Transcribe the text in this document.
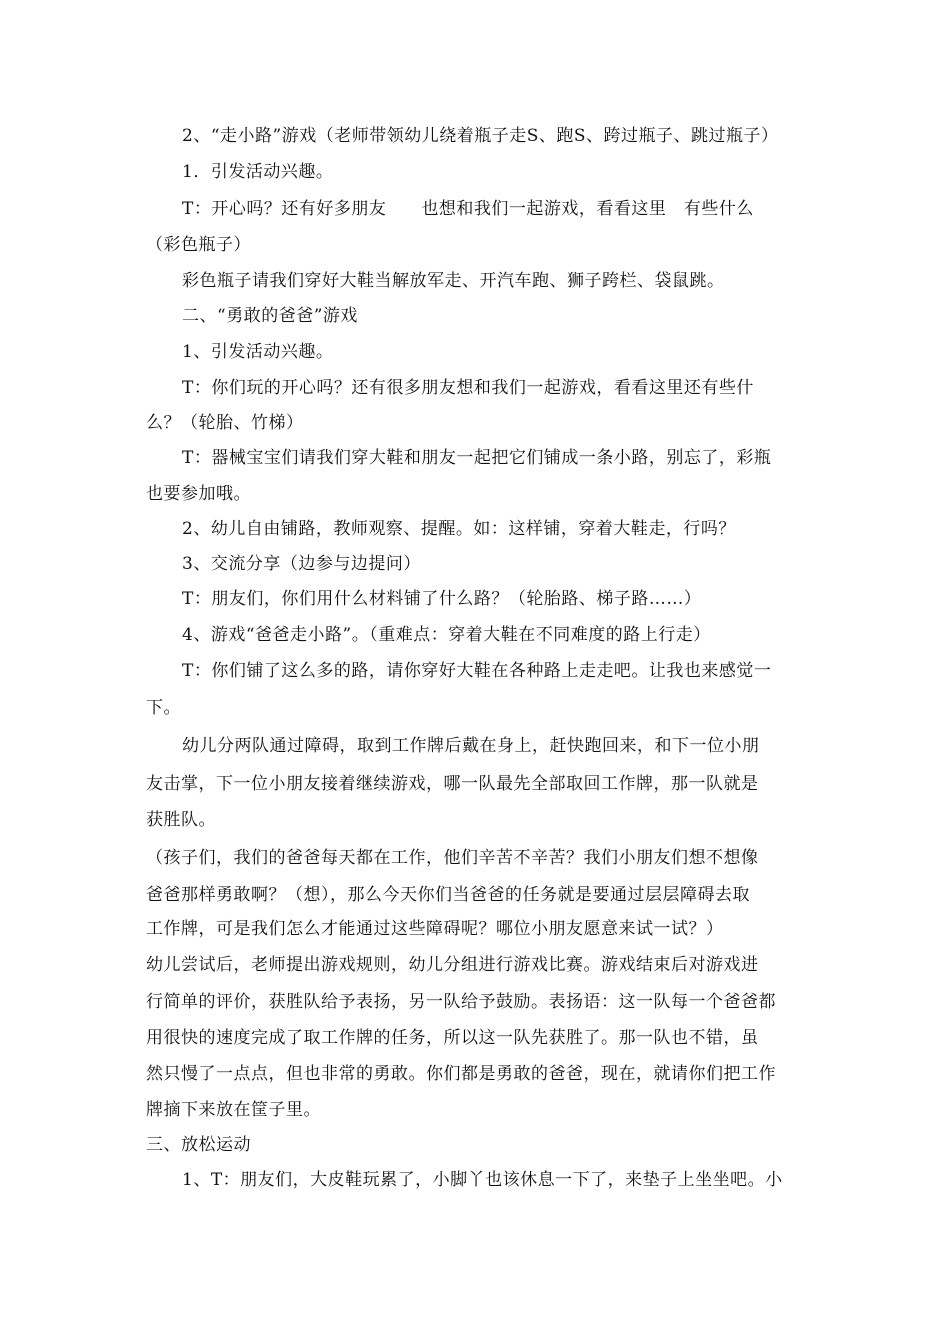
2、“走小路”游戏（老师带领幼儿绕着瓶子走S、跑S、跨过瓶子、跳过瓶子）
1．引发活动兴趣。
T：开心吗？还有好多朋友　　也想和我们一起游戏，看看这里　有些什么
（彩色瓶子）
彩色瓶子请我们穿好大鞋当解放军走、开汽车跑、狮子跨栏、袋鼠跳。
二、“勇敢的爸爸”游戏
1、引发活动兴趣。
T：你们玩的开心吗？还有很多朋友想和我们一起游戏，看看这里还有些什
么？（轮胎、竹梯）
T：器械宝宝们请我们穿大鞋和朋友一起把它们铺成一条小路，别忘了，彩瓶
也要参加哦。
2、幼儿自由铺路，教师观察、提醒。如：这样铺，穿着大鞋走，行吗？
3、交流分享（边参与边提问）
T：朋友们，你们用什么材料铺了什么路？（轮胎路、梯子路……）
4、游戏“爸爸走小路”。（重难点：穿着大鞋在不同难度的路上行走）
T：你们铺了这么多的路，请你穿好大鞋在各种路上走走吧。让我也来感觉一
下。
幼儿分两队通过障碍，取到工作牌后戴在身上，赶快跑回来，和下一位小朋
友击掌，下一位小朋友接着继续游戏，哪一队最先全部取回工作牌，那一队就是
获胜队。
（孩子们，我们的爸爸每天都在工作，他们辛苦不辛苦？我们小朋友们想不想像
爸爸那样勇敢啊？（想），那么今天你们当爸爸的任务就是要通过层层障碍去取
工作牌，可是我们怎么才能通过这些障碍呢？哪位小朋友愿意来试一试？）
幼儿尝试后，老师提出游戏规则，幼儿分组进行游戏比赛。游戏结束后对游戏进
行简单的评价，获胜队给予表扬，另一队给予鼓励。表扬语：这一队每一个爸爸都
用很快的速度完成了取工作牌的任务，所以这一队先获胜了。那一队也不错，虽
然只慢了一点点，但也非常的勇敢。你们都是勇敢的爸爸，现在，就请你们把工作
牌摘下来放在筐子里。
三、放松运动
1、T：朋友们，大皮鞋玩累了，小脚丫也该休息一下了，来垫子上坐坐吧。小
